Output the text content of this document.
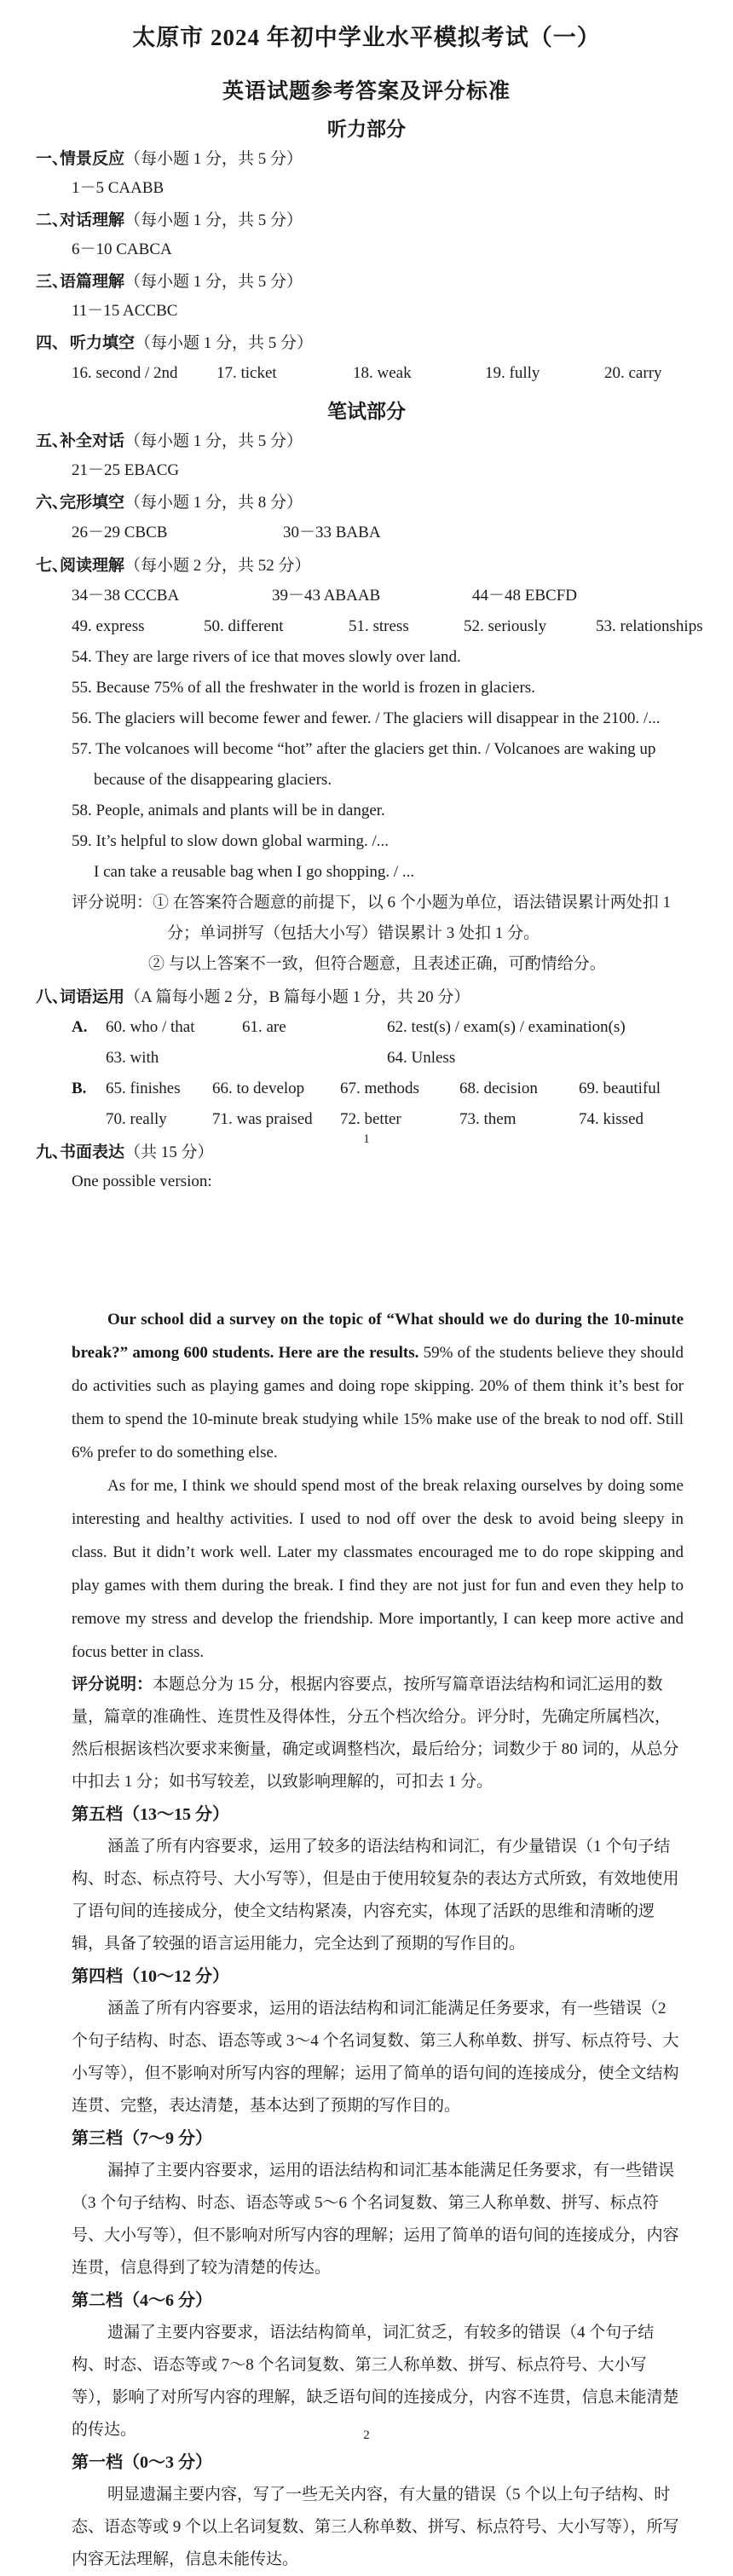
太原市 2024 年初中学业水平模拟考试（一）
英语试题参考答案及评分标准
听力部分
一、情景反应（每小题 1 分，共 5 分）
1－5 CAABB
二、对话理解（每小题 1 分，共 5 分）
6－10 CABCA
三、语篇理解（每小题 1 分，共 5 分）
11－15 ACCBC
四、 听力填空（每小题 1 分，共 5 分）
16. second / 2nd	17. ticket	18. weak	19. fully	20. carry
笔试部分
五、补全对话（每小题 1 分，共 5 分）
21－25 EBACG
六、完形填空（每小题 1 分，共 8 分）
26－29 CBCB	30－33 BABA
七、阅读理解（每小题 2 分，共 52 分）
34－38 CCCBA	39－43 ABAAB	44－48 EBCFD
49. express	50. different	51. stress	52. seriously	53. relationships
54. They are large rivers of ice that moves slowly over land.
55. Because 75% of all the freshwater in the world is frozen in glaciers.
56. The glaciers will become fewer and fewer. / The glaciers will disappear in the 2100. /...
57. The volcanoes will become “hot” after the glaciers get thin. / Volcanoes are waking up
because of the disappearing glaciers.
58. People, animals and plants will be in danger.
59. It’s helpful to slow down global warming. /...
I can take a reusable bag when I go shopping. / ...
评分说明：① 在答案符合题意的前提下，以 6 个小题为单位，语法错误累计两处扣 1
分；单词拼写（包括大小写）错误累计 3 处扣 1 分。
② 与以上答案不一致，但符合题意，且表述正确，可酌情给分。
八、词语运用（A 篇每小题 2 分，B 篇每小题 1 分，共 20 分）
A.	60. who / that	61. are	62. test(s) / exam(s) / examination(s)
63. with	64. Unless
B.	65. finishes	66. to develop	67. methods	68. decision	69. beautiful
70. really	71. was praised	72. better	73. them	74. kissed
九、书面表达（共 15 分）
One possible version:
1
Our school did a survey on the topic of “What should we do during the 10-minute break?” among 600 students. Here are the results. 59% of the students believe they should do activities such as playing games and doing rope skipping. 20% of them think it’s best for them to spend the 10-minute break studying while 15% make use of the break to nod off. Still 6% prefer to do something else.
As for me, I think we should spend most of the break relaxing ourselves by doing some interesting and healthy activities. I used to nod off over the desk to avoid being sleepy in class. But it didn’t work well. Later my classmates encouraged me to do rope skipping and play games with them during the break. I find they are not just for fun and even they help to remove my stress and develop the friendship. More importantly, I can keep more active and focus better in class.
评分说明：本题总分为 15 分，根据内容要点，按所写篇章语法结构和词汇运用的数量，篇章的准确性、连贯性及得体性，分五个档次给分。评分时，先确定所属档次，然后根据该档次要求来衡量，确定或调整档次，最后给分；词数少于 80 词的，从总分中扣去 1 分；如书写较差，以致影响理解的，可扣去 1 分。
第五档（13～15 分）
涵盖了所有内容要求，运用了较多的语法结构和词汇，有少量错误（1 个句子结构、时态、标点符号、大小写等），但是由于使用较复杂的表达方式所致，有效地使用了语句间的连接成分，使全文结构紧凑，内容充实，体现了活跃的思维和清晰的逻辑，具备了较强的语言运用能力，完全达到了预期的写作目的。
第四档（10～12 分）
涵盖了所有内容要求，运用的语法结构和词汇能满足任务要求，有一些错误（2 个句子结构、时态、语态等或 3～4 个名词复数、第三人称单数、拼写、标点符号、大小写等），但不影响对所写内容的理解；运用了简单的语句间的连接成分，使全文结构连贯、完整，表达清楚，基本达到了预期的写作目的。
第三档（7～9 分）
漏掉了主要内容要求，运用的语法结构和词汇基本能满足任务要求，有一些错误（3 个句子结构、时态、语态等或 5～6 个名词复数、第三人称单数、拼写、标点符号、大小写等），但不影响对所写内容的理解；运用了简单的语句间的连接成分，内容连贯，信息得到了较为清楚的传达。
第二档（4～6 分）
遗漏了主要内容要求，语法结构简单，词汇贫乏，有较多的错误（4 个句子结构、时态、语态等或 7～8 个名词复数、第三人称单数、拼写、标点符号、大小写等），影响了对所写内容的理解，缺乏语句间的连接成分，内容不连贯，信息未能清楚的传达。
第一档（0～3 分）
明显遗漏主要内容，写了一些无关内容，有大量的错误（5 个以上句子结构、时态、语态等或 9 个以上名词复数、第三人称单数、拼写、标点符号、大小写等），所写内容无法理解，信息未能传达。
2
